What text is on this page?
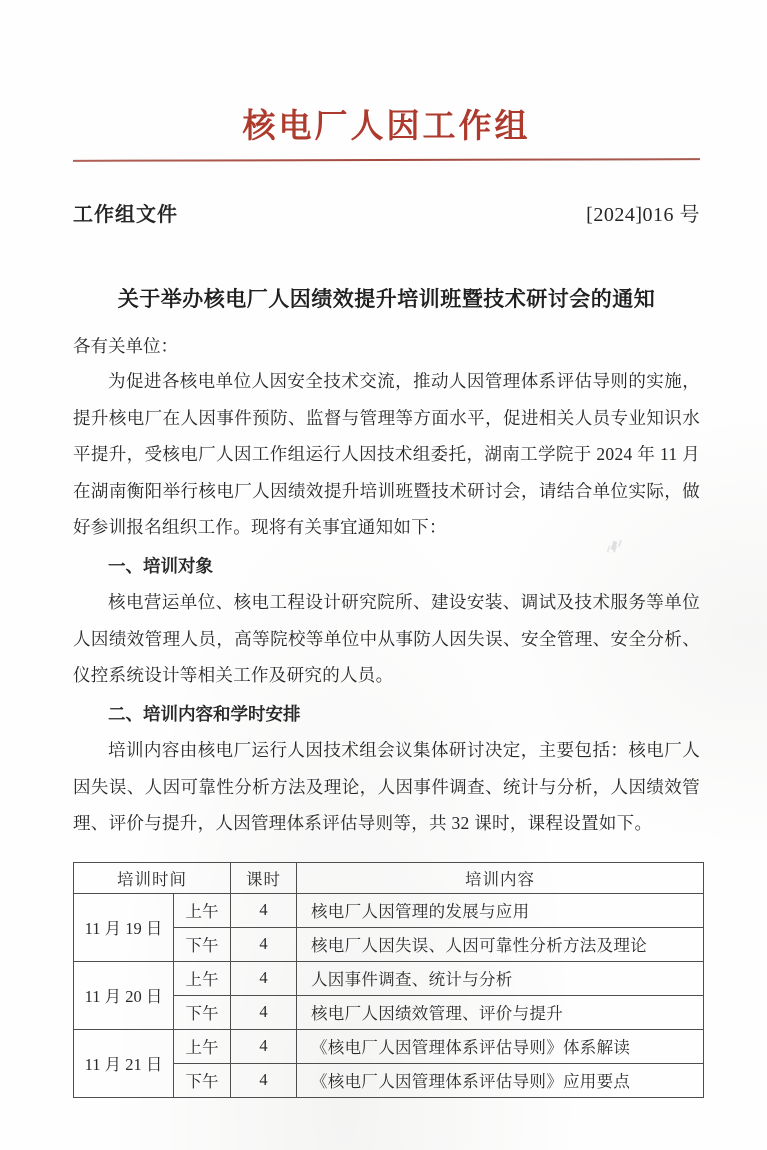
核电厂人因工作组
工作组文件	[2024]016 号
关于举办核电厂人因绩效提升培训班暨技术研讨会的通知
各有关单位：

为促进各核电单位人因安全技术交流，推动人因管理体系评估导则的实施，提升核电厂在人因事件预防、监督与管理等方面水平，促进相关人员专业知识水平提升，受核电厂人因工作组运行人因技术组委托，湖南工学院于 2024 年 11 月在湖南衡阳举行核电厂人因绩效提升培训班暨技术研讨会，请结合单位实际，做好参训报名组织工作。现将有关事宜通知如下：

一、培训对象

核电营运单位、核电工程设计研究院所、建设安装、调试及技术服务等单位人因绩效管理人员，高等院校等单位中从事防人因失误、安全管理、安全分析、仪控系统设计等相关工作及研究的人员。

二、培训内容和学时安排

培训内容由核电厂运行人因技术组会议集体研讨决定，主要包括：核电厂人因失误、人因可靠性分析方法及理论，人因事件调查、统计与分析，人因绩效管理、评价与提升，人因管理体系评估导则等，共 32 课时，课程设置如下。

培训时间		课时	培训内容
11 月 19 日	上午	4	核电厂人因管理的发展与应用
	下午	4	核电厂人因失误、人因可靠性分析方法及理论
11 月 20 日	上午	4	人因事件调查、统计与分析
	下午	4	核电厂人因绩效管理、评价与提升
11 月 21 日	上午	4	《核电厂人因管理体系评估导则》体系解读
	下午	4	《核电厂人因管理体系评估导则》应用要点
